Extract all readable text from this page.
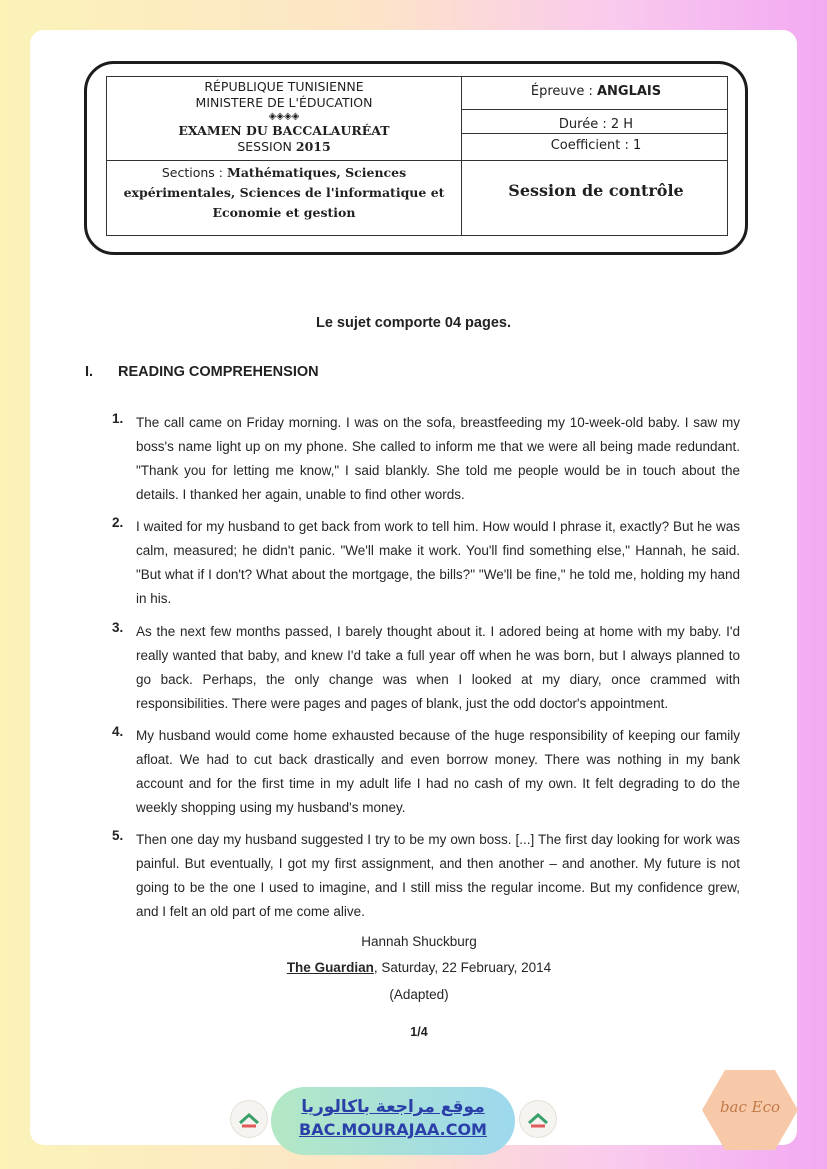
RÉPUBLIQUE TUNISIENNE
MINISTERE DE L'ÉDUCATION
◈◈◈◈
EXAMEN DU BACCALAURÉAT
SESSION 2015
Sections : Mathématiques, Sciences expérimentales, Sciences de l'informatique et Economie et gestion
Épreuve : ANGLAIS
Durée : 2 H
Coefficient : 1
Session de contrôle
Le sujet comporte 04 pages.
I. READING COMPREHENSION
1. The call came on Friday morning. I was on the sofa, breastfeeding my 10-week-old baby. I saw my boss's name light up on my phone. She called to inform me that we were all being made redundant. "Thank you for letting me know," I said blankly. She told me people would be in touch about the details. I thanked her again, unable to find other words.

2. I waited for my husband to get back from work to tell him. How would I phrase it, exactly? But he was calm, measured; he didn't panic. "We'll make it work. You'll find something else," Hannah, he said. "But what if I don't? What about the mortgage, the bills?" "We'll be fine," he told me, holding my hand in his.

3. As the next few months passed, I barely thought about it. I adored being at home with my baby. I'd really wanted that baby, and knew I'd take a full year off when he was born, but I always planned to go back. Perhaps, the only change was when I looked at my diary, once crammed with responsibilities. There were pages and pages of blank, just the odd doctor's appointment.

4. My husband would come home exhausted because of the huge responsibility of keeping our family afloat. We had to cut back drastically and even borrow money. There was nothing in my bank account and for the first time in my adult life I had no cash of my own. It felt degrading to do the weekly shopping using my husband's money.

5. Then one day my husband suggested I try to be my own boss. [...] The first day looking for work was painful. But eventually, I got my first assignment, and then another – and another. My future is not going to be the one I used to imagine, and I still miss the regular income. But my confidence grew, and I felt an old part of me come alive.

Hannah Shuckburg
The Guardian, Saturday, 22 February, 2014
(Adapted)
1/4
موقع مراجعة باكالوريا
BAC.MOURAJAA.COM
bac Eco
